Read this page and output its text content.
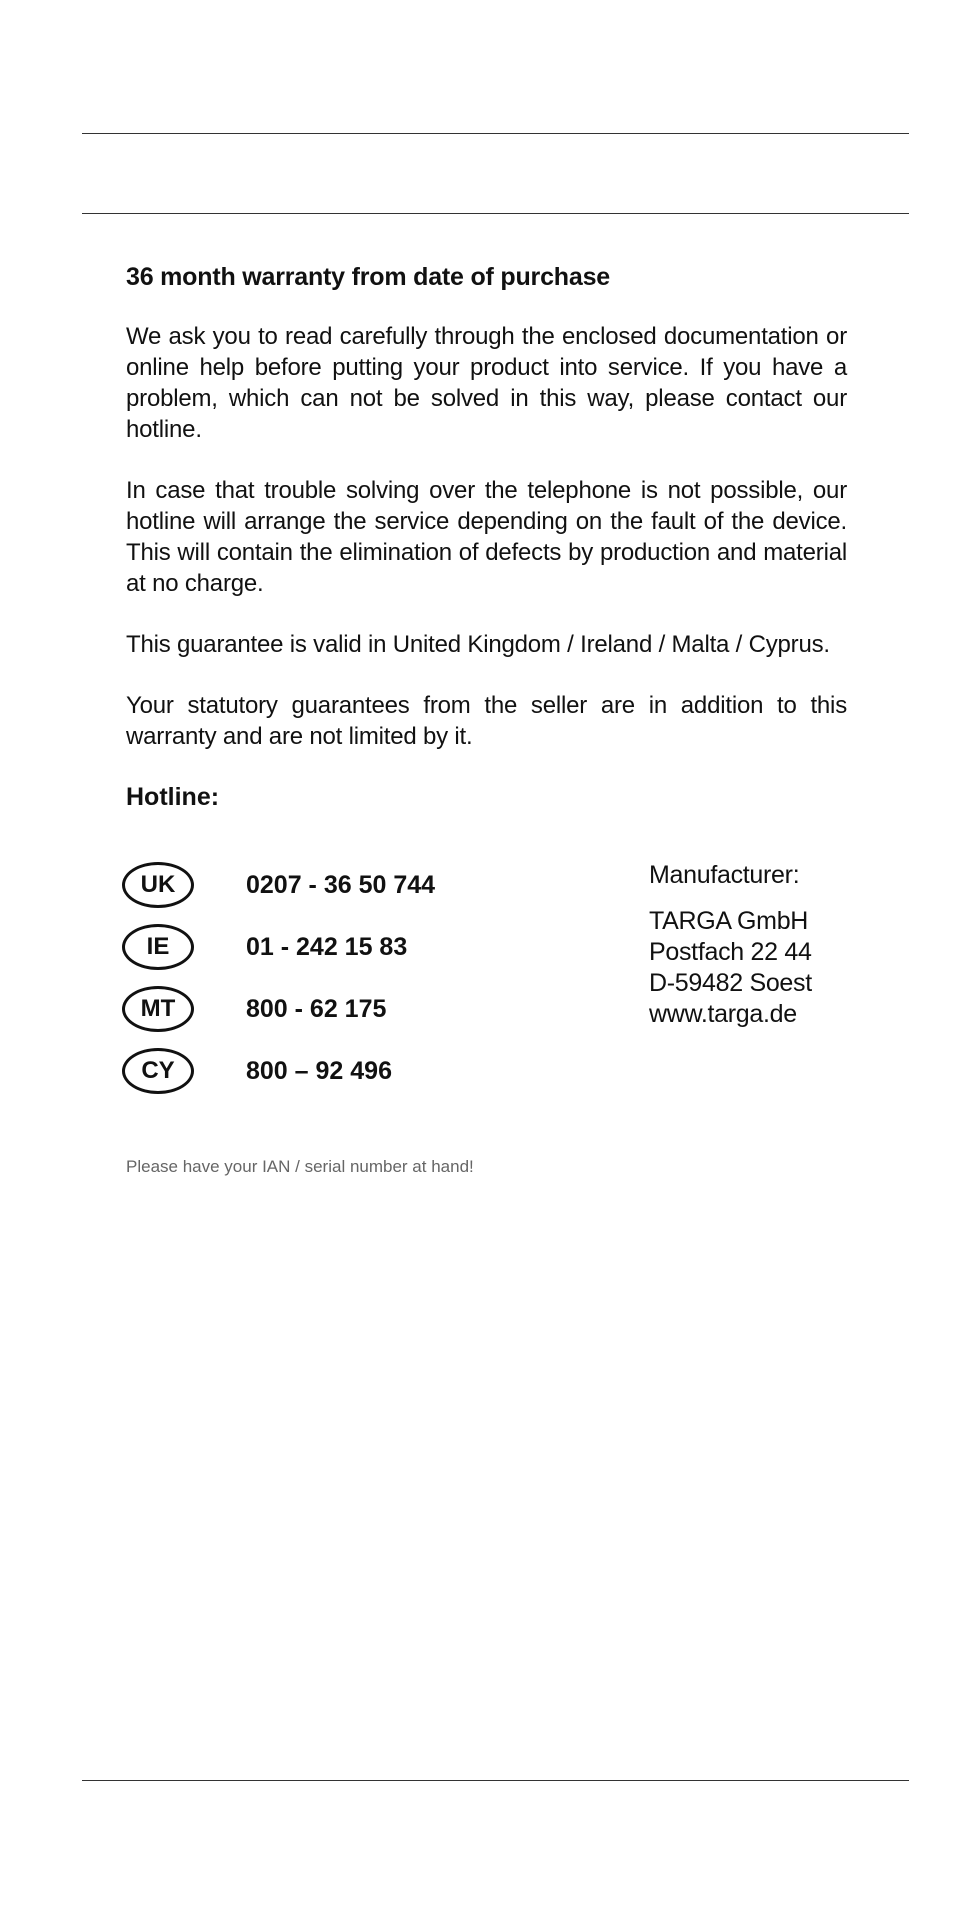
36 month warranty from date of purchase

We ask you to read carefully through the enclosed documentation or online help before putting your product into service. If you have a problem, which can not be solved in this way, please contact our hotline.

In case that trouble solving over the telephone is not possible, our hotline will arrange the service depending on the fault of the device. This will contain the elimination of defects by production and material at no charge.

This guarantee is valid in United Kingdom / Ireland / Malta / Cyprus.

Your statutory guarantees from the seller are in addition to this warranty and are not limited by it.

Hotline:

UK	0207 - 36 50 744
IE	01 - 242 15 83
MT	800 - 62 175
CY	800 – 92 496

Manufacturer:

TARGA GmbH

Postfach 22 44

D-59482 Soest

www.targa.de

Please have your IAN / serial number at hand!
